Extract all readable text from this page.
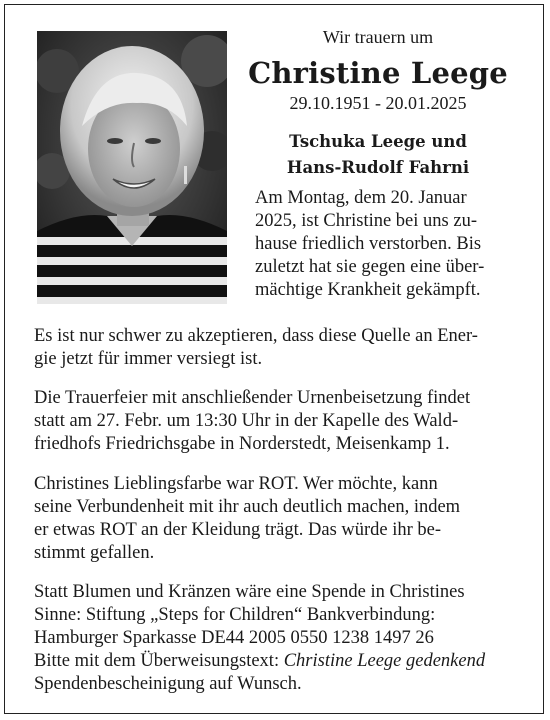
Wir trauern um
Christine Leege
29.10.1951 - 20.01.2025
Tschuka Leege und
Hans-Rudolf Fahrni
Am Montag, dem 20. Januar
2025, ist Christine bei uns zu-
hause friedlich verstorben. Bis
zuletzt hat sie gegen eine über-
mächtige Krankheit gekämpft.
Es ist nur schwer zu akzeptieren, dass diese Quelle an Ener-
gie jetzt für immer versiegt ist.
Die Trauerfeier mit anschließender Urnenbeisetzung findet
statt am 27. Febr. um 13:30 Uhr in der Kapelle des Wald-
friedhofs Friedrichsgabe in Norderstedt, Meisenkamp 1.
Christines Lieblingsfarbe war ROT. Wer möchte, kann
seine Verbundenheit mit ihr auch deutlich machen, indem
er etwas ROT an der Kleidung trägt. Das würde ihr be-
stimmt gefallen.
Statt Blumen und Kränzen wäre eine Spende in Christines
Sinne: Stiftung „Steps for Children“ Bankverbindung:
Hamburger Sparkasse DE44 2005 0550 1238 1497 26
Bitte mit dem Überweisungstext: Christine Leege gedenkend
Spendenbescheinigung auf Wunsch.
